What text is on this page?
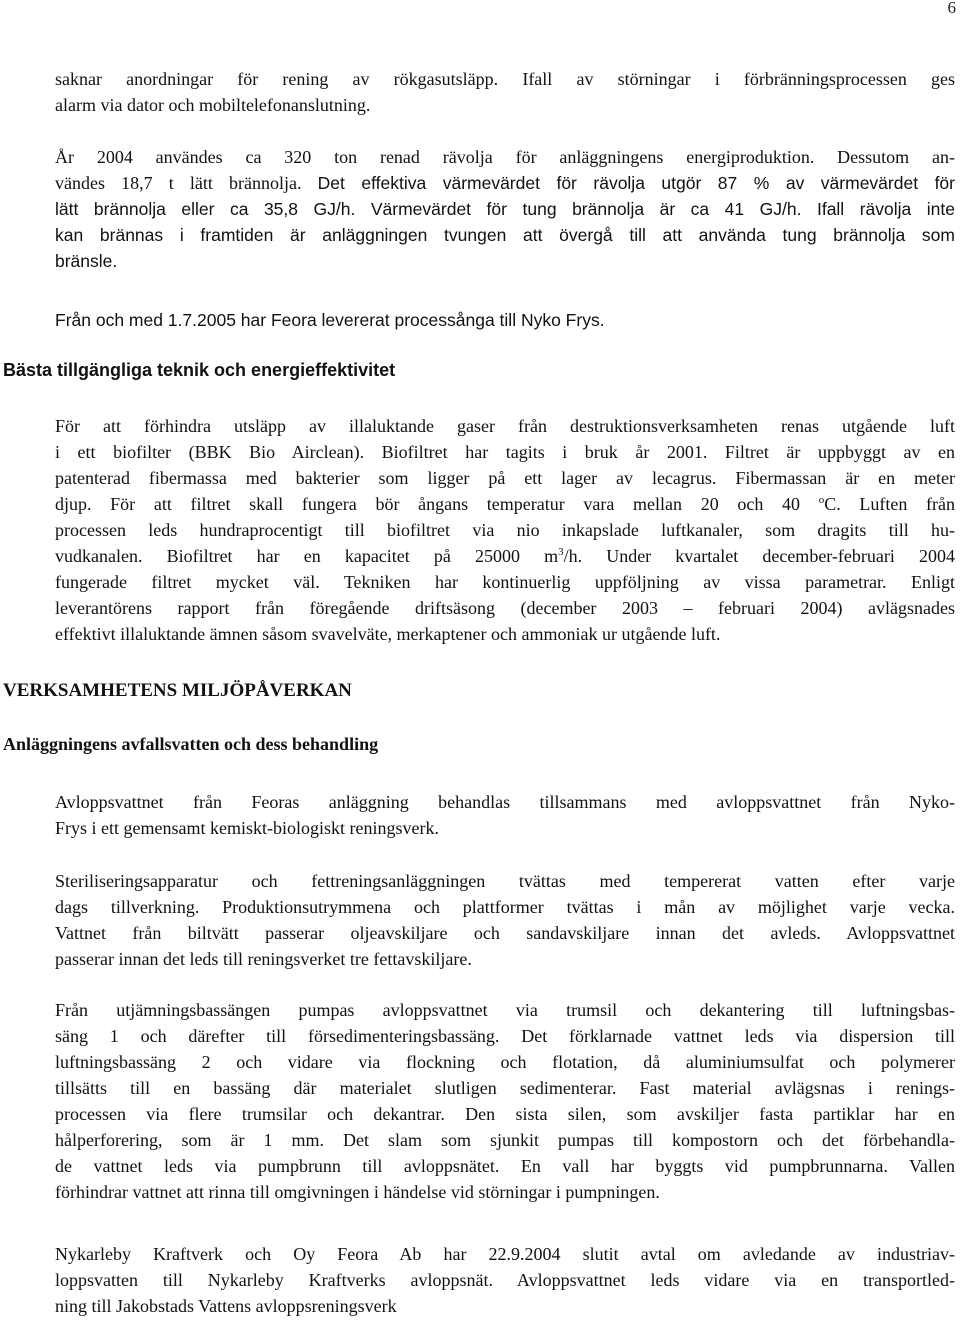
6
saknar anordningar för rening av rökgasutsläpp. Ifall av störningar i förbränningsprocessen ges
alarm via dator och mobiltelefonanslutning.
År 2004 användes ca 320 ton renad rävolja för anläggningens energiproduktion. Dessutom an-
vändes 18,7 t lätt brännolja. Det effektiva värmevärdet för rävolja utgör 87 % av värmevärdet för
lätt brännolja eller ca 35,8 GJ/h. Värmevärdet för tung brännolja är ca 41 GJ/h. Ifall rävolja inte
kan brännas i framtiden är anläggningen tvungen att övergå till att använda tung brännolja som
bränsle.
Från och med 1.7.2005 har Feora levererat processånga till Nyko Frys.
Bästa tillgängliga teknik och energieffektivitet
För att förhindra utsläpp av illaluktande gaser från destruktionsverksamheten renas utgående luft
i ett biofilter (BBK Bio Airclean). Biofiltret har tagits i bruk år 2001. Filtret är uppbyggt av en
patenterad fibermassa med bakterier som ligger på ett lager av lecagrus. Fibermassan är en meter
djup. För att filtret skall fungera bör ångans temperatur vara mellan 20 och 40 $^o$C. Luften från
processen leds hundraprocentigt till biofiltret via nio inkapslade luftkanaler, som dragits till hu-
vudkanalen. Biofiltret har en kapacitet på 25000 $m^3/h$. Under kvartalet december-februari 2004
fungerade filtret mycket väl. Tekniken har kontinuerlig uppföljning av vissa parametrar. Enligt
leverantörens rapport från föregående driftsäsong (december 2003 – februari 2004) avlägsnades
effektivt illaluktande ämnen såsom svavelväte, merkaptener och ammoniak ur utgående luft.
VERKSAMHETENS MILJÖPÅVERKAN
Anläggningens avfallsvatten och dess behandling
Avloppsvattnet från Feoras anläggning behandlas tillsammans med avloppsvattnet från Nyko-
Frys i ett gemensamt kemiskt-biologiskt reningsverk.
Steriliseringsapparatur och fettreningsanläggningen tvättas med tempererat vatten efter varje
dags tillverkning. Produktionsutrymmena och plattformer tvättas i mån av möjlighet varje vecka.
Vattnet från biltvätt passerar oljeavskiljare och sandavskiljare innan det avleds. Avloppsvattnet
passerar innan det leds till reningsverket tre fettavskiljare.
Från utjämningsbassängen pumpas avloppsvattnet via trumsil och dekantering till luftningsbas-
säng 1 och därefter till försedimenteringsbassäng. Det förklarnade vattnet leds via dispersion till
luftningsbassäng 2 och vidare via flockning och flotation, då aluminiumsulfat och polymerer
tillsätts till en bassäng där materialet slutligen sedimenterar. Fast material avlägsnas i renings-
processen via flere trumsilar och dekantrar. Den sista silen, som avskiljer fasta partiklar har en
hålperforering, som är 1 mm. Det slam som sjunkit pumpas till kompostorn och det förbehandla-
de vattnet leds via pumpbrunn till avloppsnätet. En vall har byggts vid pumpbrunnarna. Vallen
förhindrar vattnet att rinna till omgivningen i händelse vid störningar i pumpningen.
Nykarleby Kraftverk och Oy Feora Ab har 22.9.2004 slutit avtal om avledande av industriav-
loppsvatten till Nykarleby Kraftverks avloppsnät. Avloppsvattnet leds vidare via en transportled-
ning till Jakobstads Vattens avloppsreningsverk
